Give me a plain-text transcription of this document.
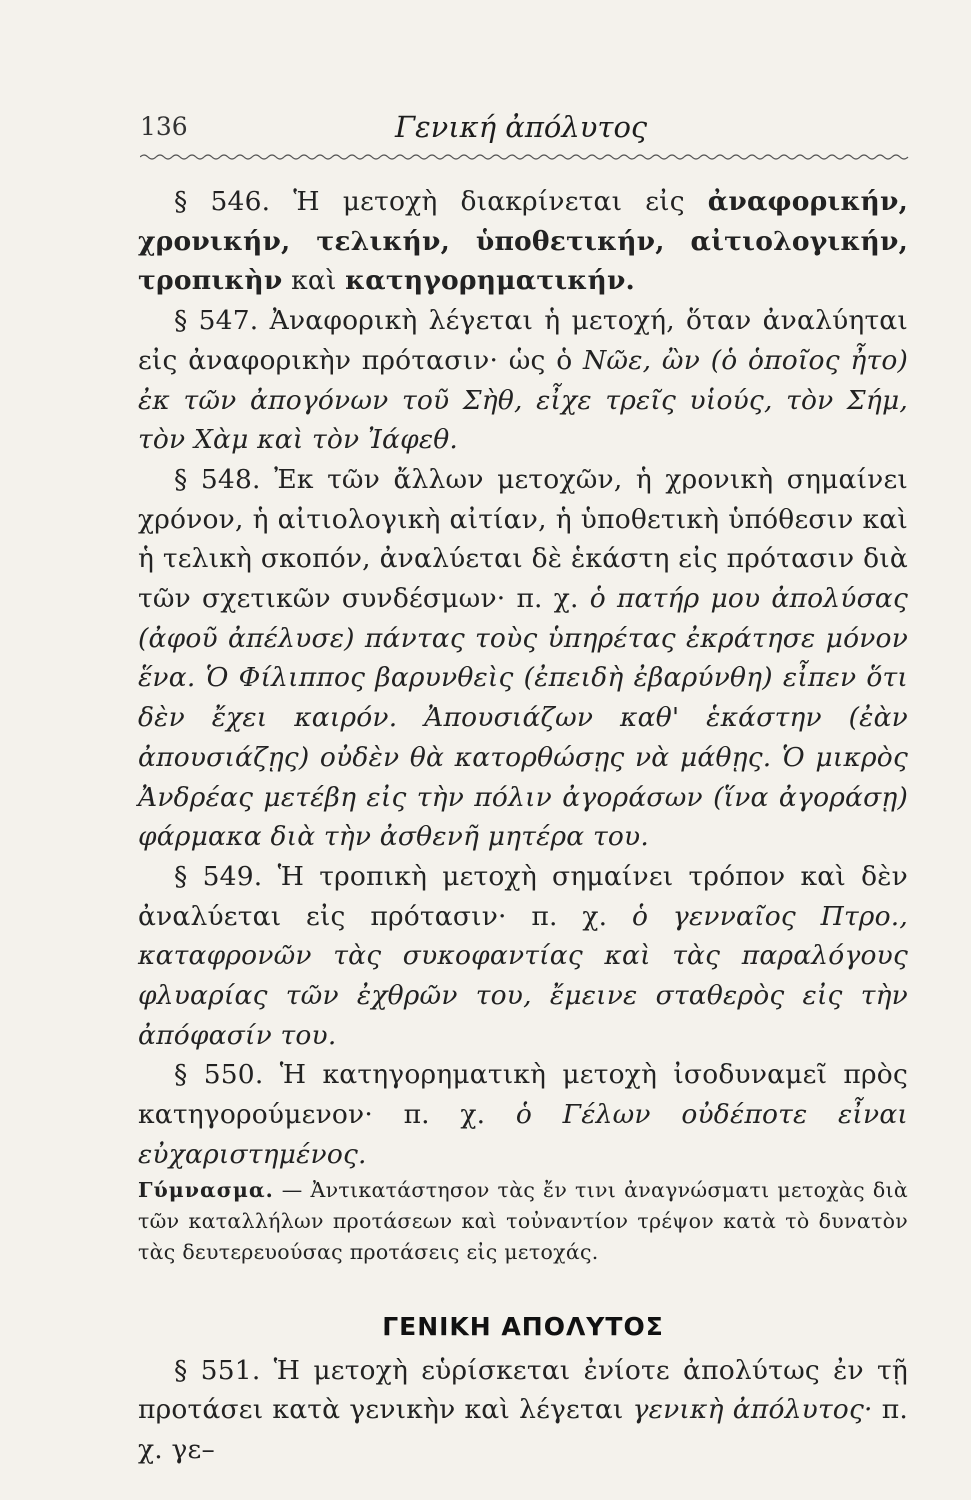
136	Γενική ἀπόλυτος

§ 546. Ἡ μετοχὴ διακρίνεται εἰς ἀναφορικήν, χρονικήν, τελικήν, ὑποθετικήν, αἰτιολογικήν, τροπικὴν καὶ κατηγορηματικήν.

§ 547. Ἀναφορικὴ λέγεται ἡ μετοχή, ὅταν ἀναλύηται εἰς ἀναφορικὴν πρότασιν· ὡς ὁ Νῶε, ὢν (ὁ ὁποῖος ἦτο) ἐκ τῶν ἀπογόνων τοῦ Σὴθ, εἶχε τρεῖς υἱούς, τὸν Σήμ, τὸν Χὰμ καὶ τὸν Ἰάφεθ.

§ 548. Ἐκ τῶν ἄλλων μετοχῶν, ἡ χρονικὴ σημαίνει χρόνον, ἡ αἰτιολογικὴ αἰτίαν, ἡ ὑποθετικὴ ὑπόθεσιν καὶ ἡ τελικὴ σκοπόν, ἀναλύεται δὲ ἑκάστη εἰς πρότασιν διὰ τῶν σχετικῶν συνδέσμων· π. χ. ὁ πατήρ μου ἀπολύσας (ἀφοῦ ἀπέλυσε) πάντας τοὺς ὑπηρέτας ἐκράτησε μόνον ἕνα. Ὁ Φίλιππος βαρυνθεὶς (ἐπειδὴ ἐβαρύνθη) εἶπεν ὅτι δὲν ἔχει καιρόν. Ἀπουσιάζων καθ' ἑκάστην (ἐὰν ἀπουσιάζῃς) οὐδὲν θὰ κατορθώσῃς νὰ μάθῃς. Ὁ μικρὸς Ἀνδρέας μετέβη εἰς τὴν πόλιν ἀγοράσων (ἵνα ἀγοράσῃ) φάρμακα διὰ τὴν ἀσθενῆ μητέρα του.

§ 549. Ἡ τροπικὴ μετοχὴ σημαίνει τρόπον καὶ δὲν ἀναλύεται εἰς πρότασιν· π. χ. ὁ γενναῖος Πτρο., καταφρονῶν τὰς συκοφαντίας καὶ τὰς παραλόγους φλυαρίας τῶν ἐχθρῶν του, ἔμεινε σταθερὸς εἰς τὴν ἀπόφασίν του.

§ 550. Ἡ κατηγορηματικὴ μετοχὴ ἰσοδυναμεῖ πρὸς κατηγορούμενον· π. χ. ὁ Γέλων οὐδέποτε εἶναι εὐχαριστημένος.

Γύμνασμα. — Ἀντικατάστησον τὰς ἔν τινι ἀναγνώσματι μετοχὰς διὰ τῶν καταλλήλων προτάσεων καὶ τοὐναντίον τρέψον κατὰ τὸ δυνατὸν τὰς δευτερευούσας προτάσεις εἰς μετοχάς.

ΓΕΝΙΚΗ ΑΠΟΛΥΤΟΣ

§ 551. Ἡ μετοχὴ εὑρίσκεται ἐνίοτε ἀπολύτως ἐν τῇ προτάσει κατὰ γενικὴν καὶ λέγεται γενικὴ ἀπόλυτος· π. χ. γε–
